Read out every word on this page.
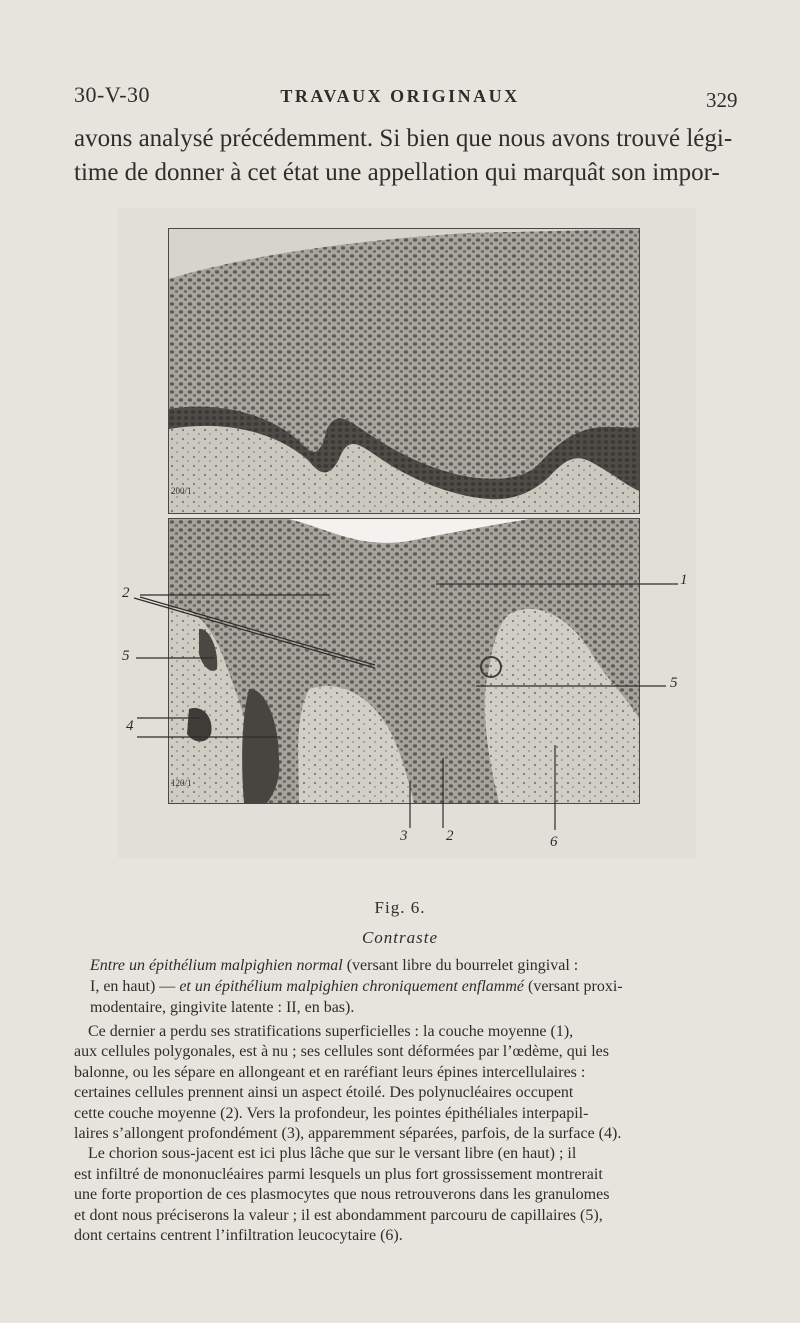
30-V-30	TRAVAUX ORIGINAUX	329
avons analysé précédemment. Si bien que nous avons trouvé légi-
time de donner à cet état une appellation qui marquât son impor-
200/1
120/1
1
2
5
5
4
3	2	6
Fig. 6.
Contraste
Entre un épithélium malpighien normal (versant libre du bourrelet gingival :
I, en haut) — et un épithélium malpighien chroniquement enflammé (versant proxi-
modentaire, gingivite latente : II, en bas).
Ce dernier a perdu ses stratifications superficielles : la couche moyenne (1),
aux cellules polygonales, est à nu ; ses cellules sont déformées par l’œdème, qui les
balonne, ou les sépare en allongeant et en raréfiant leurs épines intercellulaires :
certaines cellules prennent ainsi un aspect étoilé. Des polynucléaires occupent
cette couche moyenne (2). Vers la profondeur, les pointes épithéliales interpapil-
laires s’allongent profondément (3), apparemment séparées, parfois, de la surface (4).
Le chorion sous-jacent est ici plus lâche que sur le versant libre (en haut) ; il
est infiltré de mononucléaires parmi lesquels un plus fort grossissement montrerait
une forte proportion de ces plasmocytes que nous retrouverons dans les granulomes
et dont nous préciserons la valeur ; il est abondamment parcouru de capillaires (5),
dont certains centrent l’infiltration leucocytaire (6).
